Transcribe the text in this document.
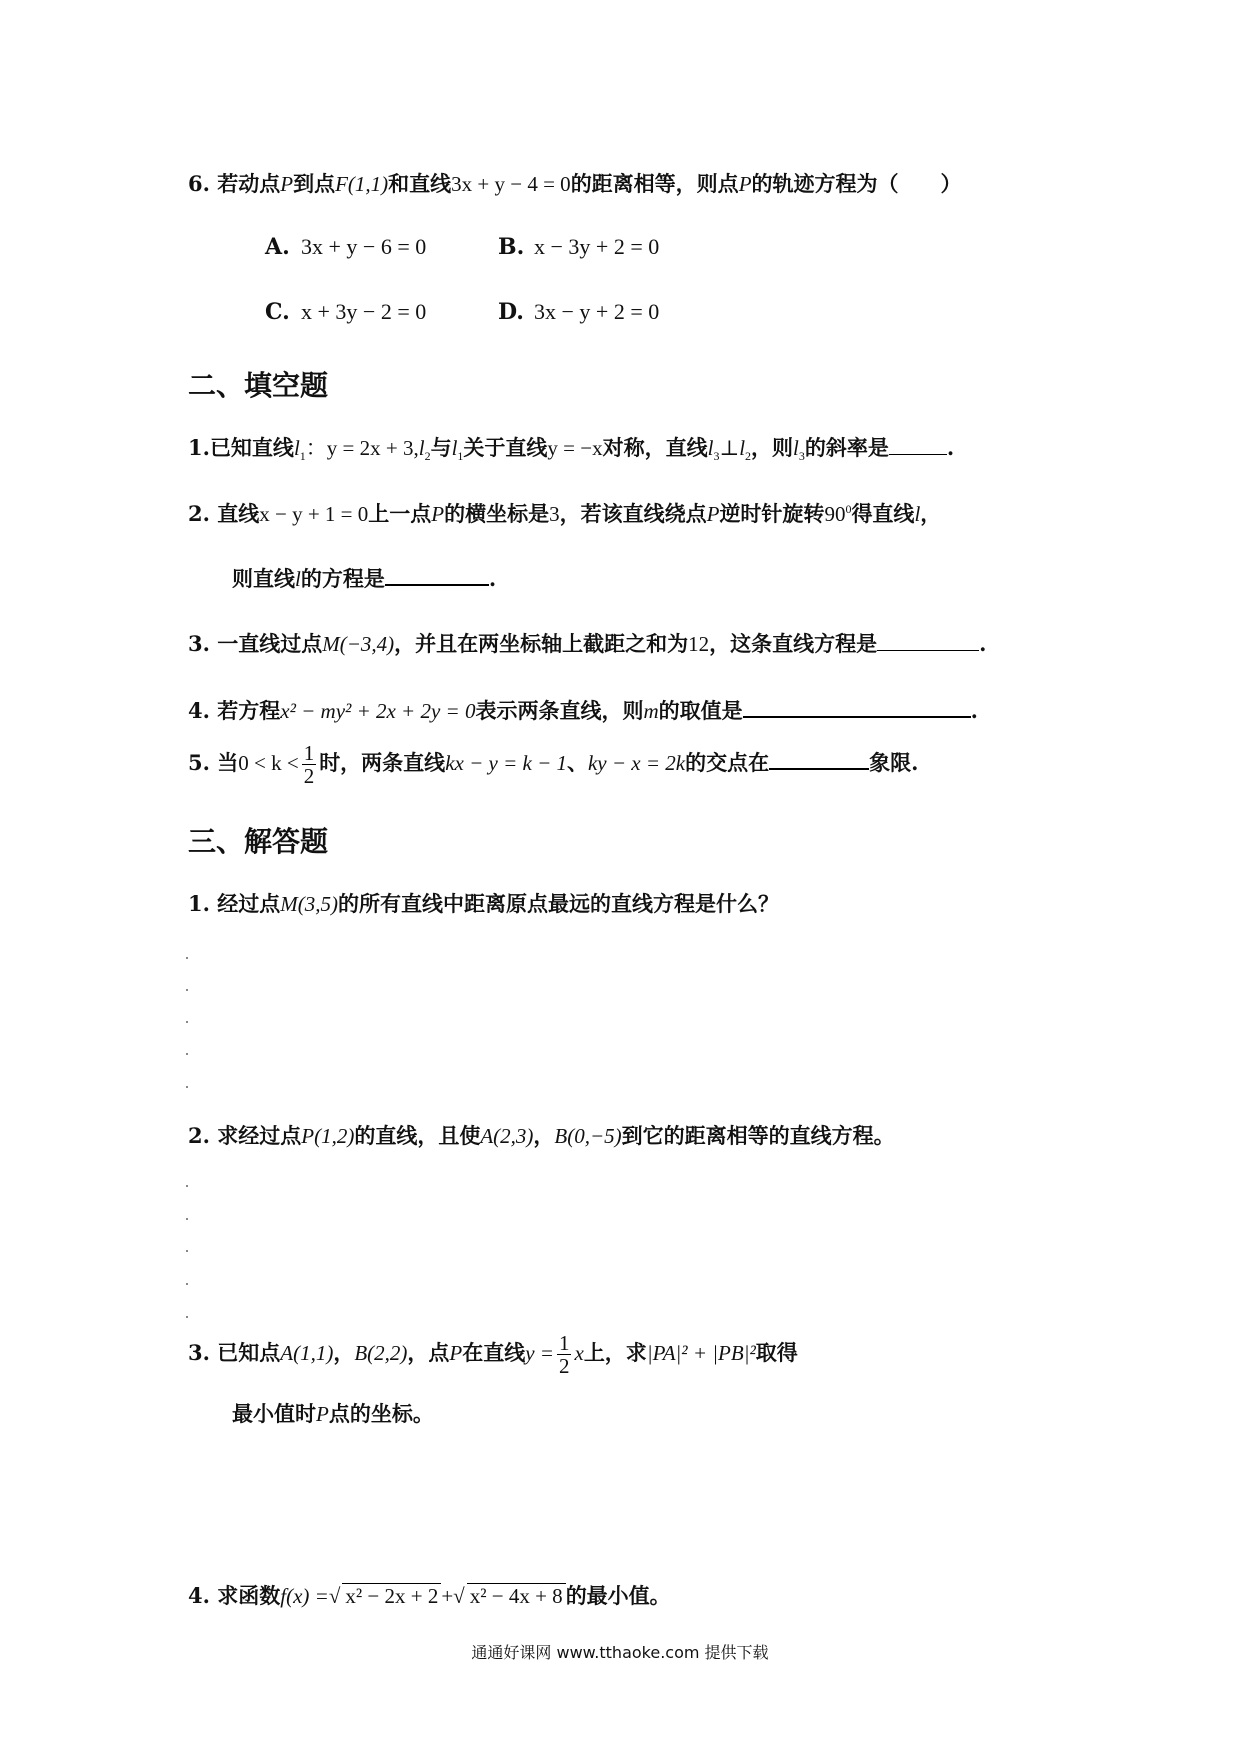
6. 若动点P到点F(1,1)和直线3x + y − 4 = 0的距离相等，则点P的轨迹方程为（　　）
A. 3x + y − 6 = 0	B. x − 3y + 2 = 0
C. x + 3y − 2 = 0	D. 3x − y + 2 = 0
二、填空题
1.已知直线$l_1$：$y = 2x + 3,l_2$与$l_1$关于直线y = −x对称，直线$l_3\perp l_2$，则$l_3$的斜率是	.
2. 直线x − y + 1 = 0上一点P的横坐标是3，若该直线绕点P逆时针旋转$90^0$得直线l，
则直线l的方程是	.
3. 一直线过点M(−3,4)，并且在两坐标轴上截距之和为12，这条直线方程是	.
4. 若方程x² − my² + 2x + 2y = 0表示两条直线，则m的取值是	.
5. 当$0 < k < \frac{1}{2}$ 时，两条直线kx − y = k − 1、ky − x = 2k的交点在	象限.
三、解答题
1. 经过点M(3,5)的所有直线中距离原点最远的直线方程是什么？
2. 求经过点P(1,2)的直线，且使A(2,3)，B(0,−5)到它的距离相等的直线方程。
3. 已知点A(1,1)，B(2,2)，点P在直线$y = \frac{1}{2}$ x上，求|PA|² + |PB|²取得
最小值时P点的坐标。
4. 求函数f(x) =√ x² − 2x + 2 +√ x² − 4x + 8 的最小值。
通通好课网 www.tthaoke.com 提供下载
